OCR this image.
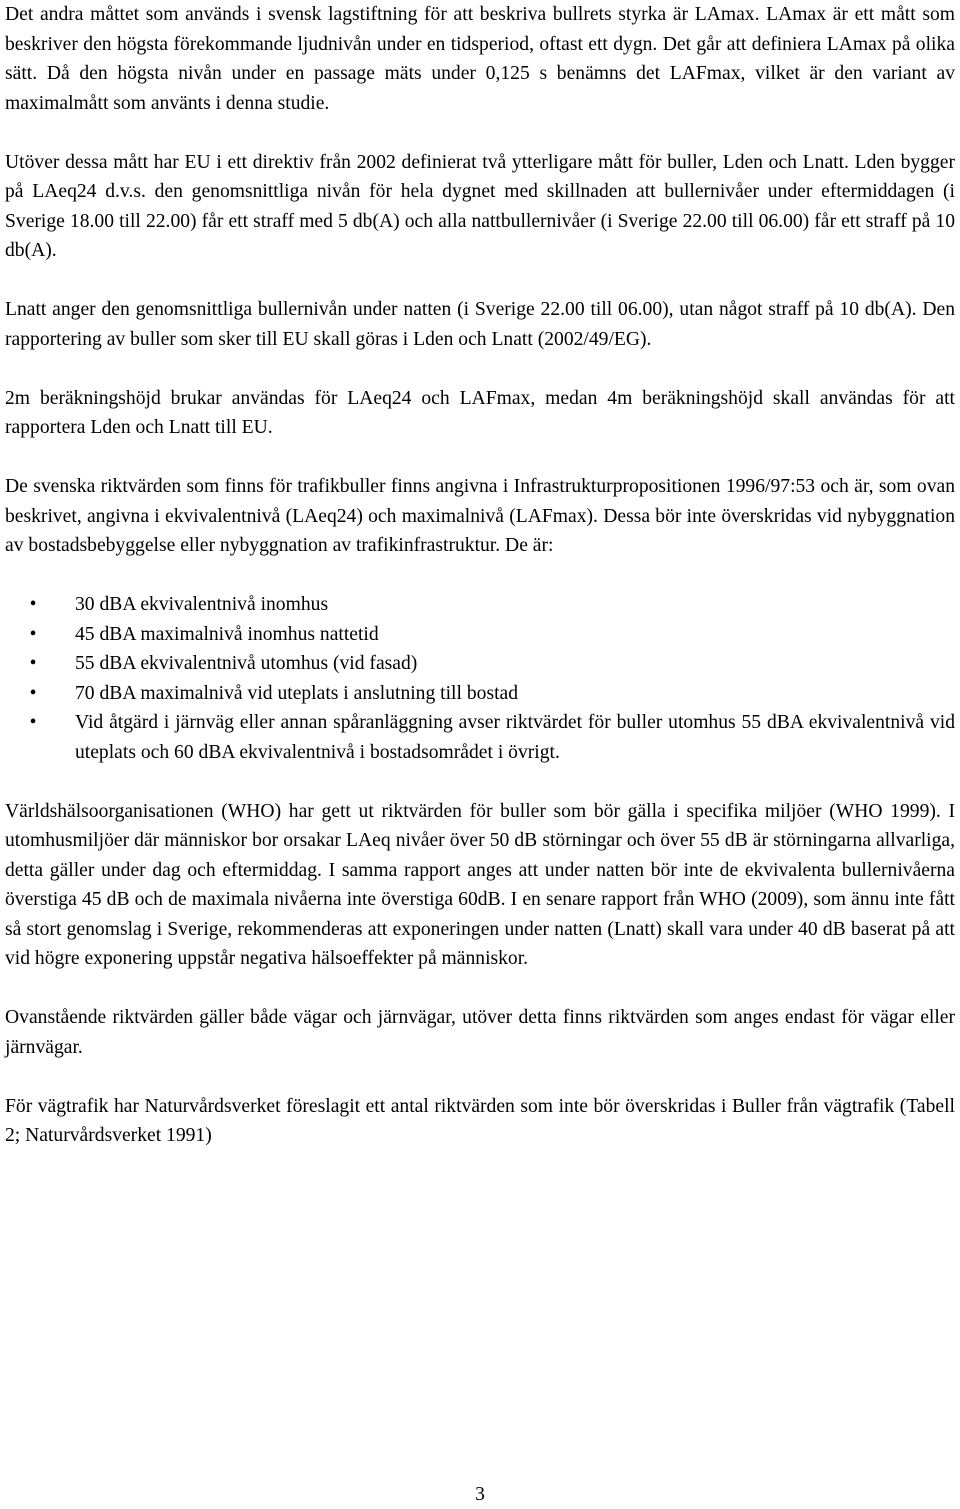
Det andra måttet som används i svensk lagstiftning för att beskriva bullrets styrka är LAmax. LAmax är ett mått som beskriver den högsta förekommande ljudnivån under en tidsperiod, oftast ett dygn. Det går att definiera LAmax på olika sätt. Då den högsta nivån under en passage mäts under 0,125 s benämns det LAFmax, vilket är den variant av maximalmått som använts i denna studie.

Utöver dessa mått har EU i ett direktiv från 2002 definierat två ytterligare mått för buller, Lden och Lnatt. Lden bygger på LAeq24 d.v.s. den genomsnittliga nivån för hela dygnet med skillnaden att bullernivåer under eftermiddagen (i Sverige 18.00 till 22.00) får ett straff med 5 db(A) och alla nattbullernivåer (i Sverige 22.00 till 06.00) får ett straff på 10 db(A).

Lnatt anger den genomsnittliga bullernivån under natten (i Sverige 22.00 till 06.00), utan något straff på 10 db(A). Den rapportering av buller som sker till EU skall göras i Lden och Lnatt (2002/49/EG).

2m beräkningshöjd brukar användas för LAeq24 och LAFmax, medan 4m beräkningshöjd skall användas för att rapportera Lden och Lnatt till EU.

De svenska riktvärden som finns för trafikbuller finns angivna i Infrastrukturpropositionen 1996/97:53 och är, som ovan beskrivet, angivna i ekvivalentnivå (LAeq24) och maximalnivå (LAFmax). Dessa bör inte överskridas vid nybyggnation av bostadsbebyggelse eller nybyggnation av trafikinfrastruktur. De är:

• 30 dBA ekvivalentnivå inomhus
• 45 dBA maximalnivå inomhus nattetid
• 55 dBA ekvivalentnivå utomhus (vid fasad)
• 70 dBA maximalnivå vid uteplats i anslutning till bostad
• Vid åtgärd i järnväg eller annan spåranläggning avser riktvärdet för buller utomhus 55 dBA ekvivalentnivå vid uteplats och 60 dBA ekvivalentnivå i bostadsområdet i övrigt.

Världshälsoorganisationen (WHO) har gett ut riktvärden för buller som bör gälla i specifika miljöer (WHO 1999). I utomhusmiljöer där människor bor orsakar LAeq nivåer över 50 dB störningar och över 55 dB är störningarna allvarliga, detta gäller under dag och eftermiddag. I samma rapport anges att under natten bör inte de ekvivalenta bullernivåerna överstiga 45 dB och de maximala nivåerna inte överstiga 60dB. I en senare rapport från WHO (2009), som ännu inte fått så stort genomslag i Sverige, rekommenderas att exponeringen under natten (Lnatt) skall vara under 40 dB baserat på att vid högre exponering uppstår negativa hälsoeffekter på människor.

Ovanstående riktvärden gäller både vägar och järnvägar, utöver detta finns riktvärden som anges endast för vägar eller järnvägar.

För vägtrafik har Naturvårdsverket föreslagit ett antal riktvärden som inte bör överskridas i Buller från vägtrafik (Tabell 2; Naturvårdsverket 1991)

3
